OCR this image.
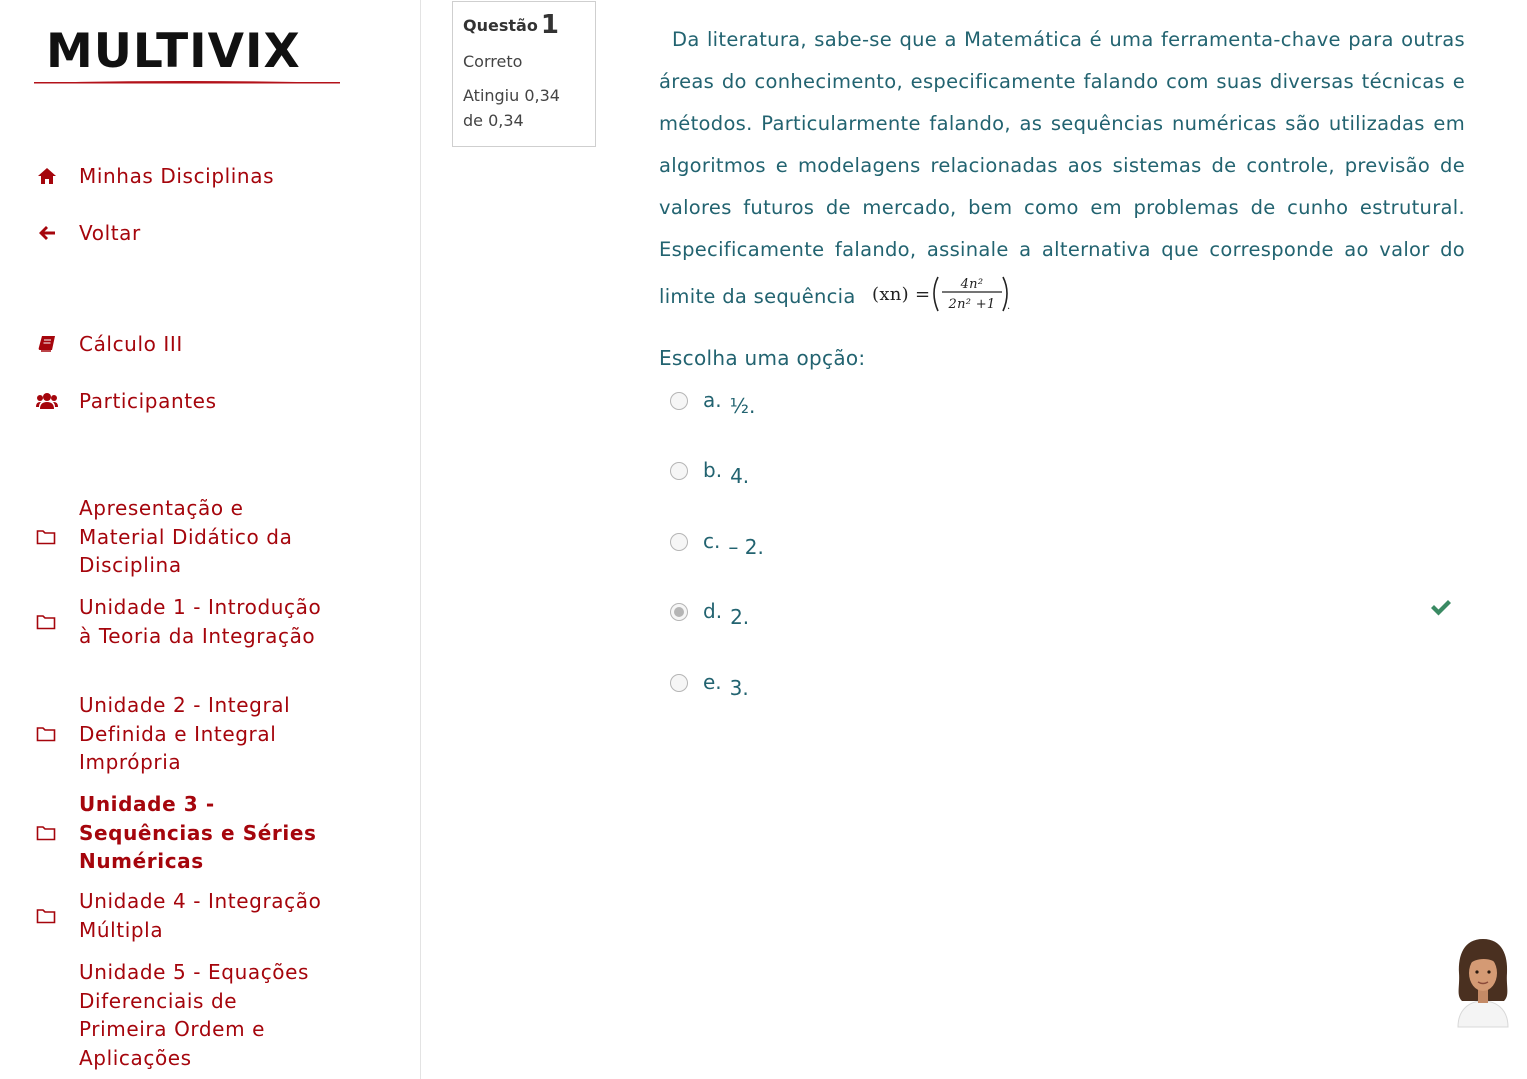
MULTIVIX
Minhas Disciplinas
Voltar
Cálculo III
Participantes
Apresentação e Material Didático da Disciplina
Unidade 1 - Introdução à Teoria da Integração
Unidade 2 - Integral Definida e Integral Imprópria
Unidade 3 - Sequências e Séries Numéricas
Unidade 4 - Integração Múltipla
Unidade 5 - Equações Diferenciais de Primeira Ordem e Aplicações
Questão 1
Correto
Atingiu 0,34 de 0,34
Da literatura, sabe-se que a Matemática é uma ferramenta-chave para outras áreas do conhecimento, especificamente falando com suas diversas técnicas e métodos. Particularmente falando, as sequências numéricas são utilizadas em algoritmos e modelagens relacionadas aos sistemas de controle, previsão de valores futuros de mercado, bem como em problemas de cunho estrutural. Especificamente falando, assinale a alternativa que corresponde ao valor do limite da sequência (xn) = 4n²
2n² +1 .
Escolha uma opção:
a. ½.
b. 4.
c. – 2.
d. 2.
e. 3.
